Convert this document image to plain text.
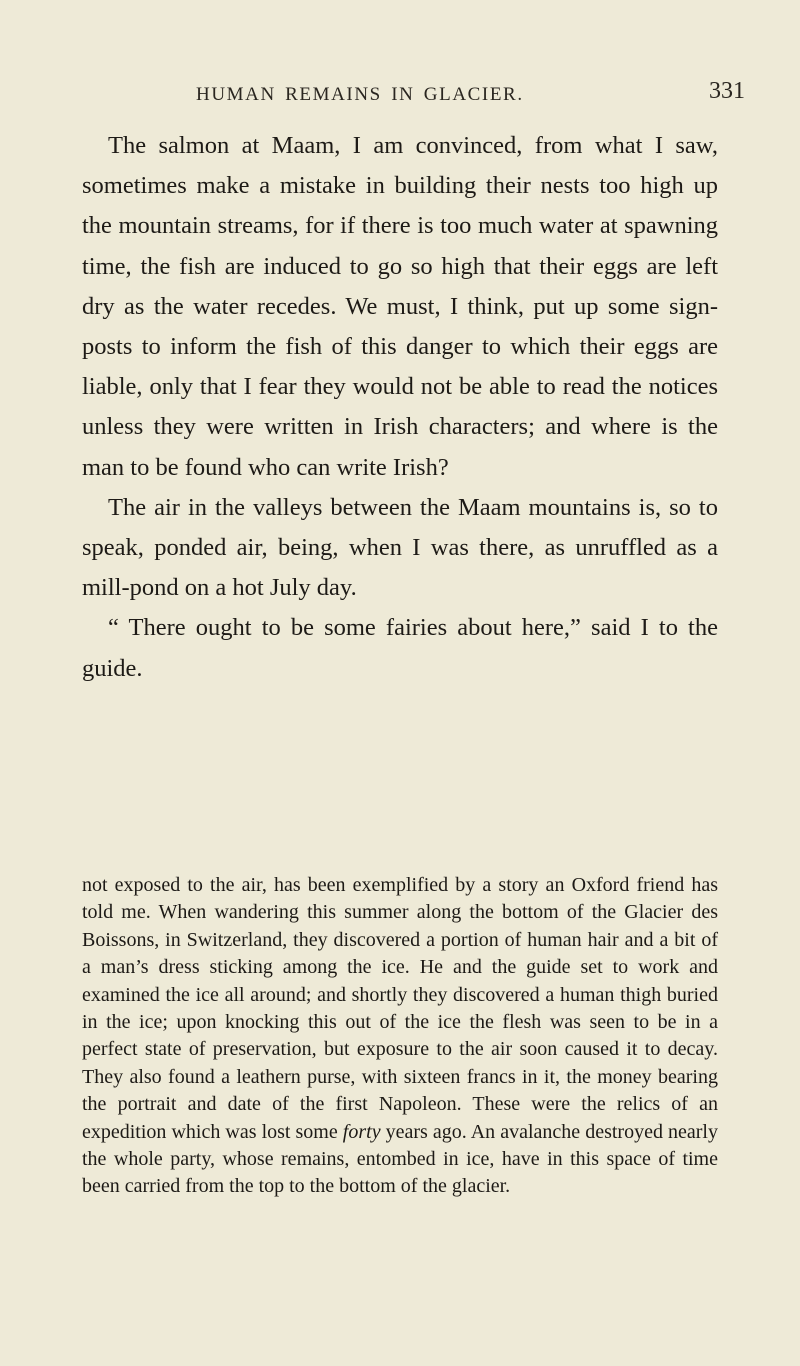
HUMAN REMAINS IN GLACIER.	331

The salmon at Maam, I am convinced, from what I saw, sometimes make a mistake in building their nests too high up the mountain streams, for if there is too much water at spawning time, the fish are induced to go so high that their eggs are left dry as the water recedes. We must, I think, put up some sign-posts to inform the fish of this danger to which their eggs are liable, only that I fear they would not be able to read the notices unless they were written in Irish characters; and where is the man to be found who can write Irish?

The air in the valleys between the Maam mountains is, so to speak, ponded air, being, when I was there, as unruffled as a mill-pond on a hot July day.

“ There ought to be some fairies about here,” said I to the guide.

not exposed to the air, has been exemplified by a story an Oxford friend has told me. When wandering this summer along the bottom of the Glacier des Boissons, in Switzerland, they discovered a portion of human hair and a bit of a man’s dress sticking among the ice. He and the guide set to work and examined the ice all around; and shortly they discovered a human thigh buried in the ice; upon knocking this out of the ice the flesh was seen to be in a perfect state of preservation, but exposure to the air soon caused it to decay. They also found a leathern purse, with sixteen francs in it, the money bearing the portrait and date of the first Napoleon. These were the relics of an expedition which was lost some forty years ago. An avalanche destroyed nearly the whole party, whose remains, entombed in ice, have in this space of time been carried from the top to the bottom of the glacier.
